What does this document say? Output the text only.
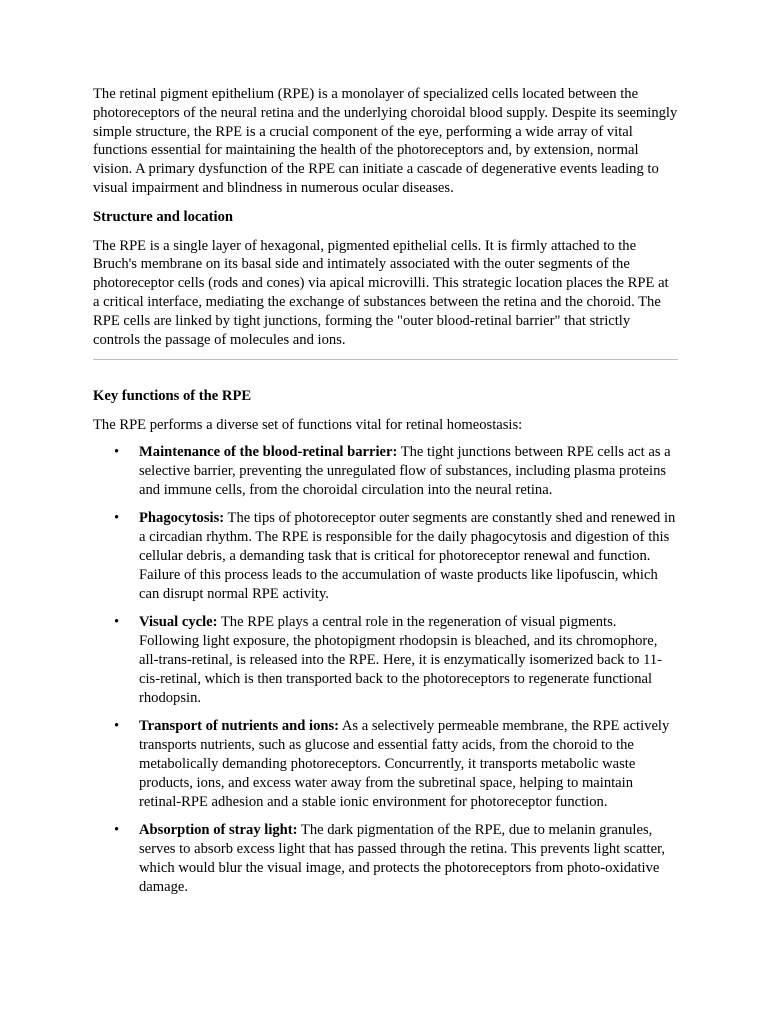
The retinal pigment epithelium (RPE) is a monolayer of specialized cells located between the photoreceptors of the neural retina and the underlying choroidal blood supply. Despite its seemingly simple structure, the RPE is a crucial component of the eye, performing a wide array of vital functions essential for maintaining the health of the photoreceptors and, by extension, normal vision. A primary dysfunction of the RPE can initiate a cascade of degenerative events leading to visual impairment and blindness in numerous ocular diseases.

Structure and location

The RPE is a single layer of hexagonal, pigmented epithelial cells. It is firmly attached to the Bruch's membrane on its basal side and intimately associated with the outer segments of the photoreceptor cells (rods and cones) via apical microvilli. This strategic location places the RPE at a critical interface, mediating the exchange of substances between the retina and the choroid. The RPE cells are linked by tight junctions, forming the "outer blood-retinal barrier" that strictly controls the passage of molecules and ions.

Key functions of the RPE

The RPE performs a diverse set of functions vital for retinal homeostasis:

• Maintenance of the blood-retinal barrier: The tight junctions between RPE cells act as a selective barrier, preventing the unregulated flow of substances, including plasma proteins and immune cells, from the choroidal circulation into the neural retina.
• Phagocytosis: The tips of photoreceptor outer segments are constantly shed and renewed in a circadian rhythm. The RPE is responsible for the daily phagocytosis and digestion of this cellular debris, a demanding task that is critical for photoreceptor renewal and function. Failure of this process leads to the accumulation of waste products like lipofuscin, which can disrupt normal RPE activity.
• Visual cycle: The RPE plays a central role in the regeneration of visual pigments. Following light exposure, the photopigment rhodopsin is bleached, and its chromophore, all-trans-retinal, is released into the RPE. Here, it is enzymatically isomerized back to 11-cis-retinal, which is then transported back to the photoreceptors to regenerate functional rhodopsin.
• Transport of nutrients and ions: As a selectively permeable membrane, the RPE actively transports nutrients, such as glucose and essential fatty acids, from the choroid to the metabolically demanding photoreceptors. Concurrently, it transports metabolic waste products, ions, and excess water away from the subretinal space, helping to maintain retinal-RPE adhesion and a stable ionic environment for photoreceptor function.
• Absorption of stray light: The dark pigmentation of the RPE, due to melanin granules, serves to absorb excess light that has passed through the retina. This prevents light scatter, which would blur the visual image, and protects the photoreceptors from photo-oxidative damage.
